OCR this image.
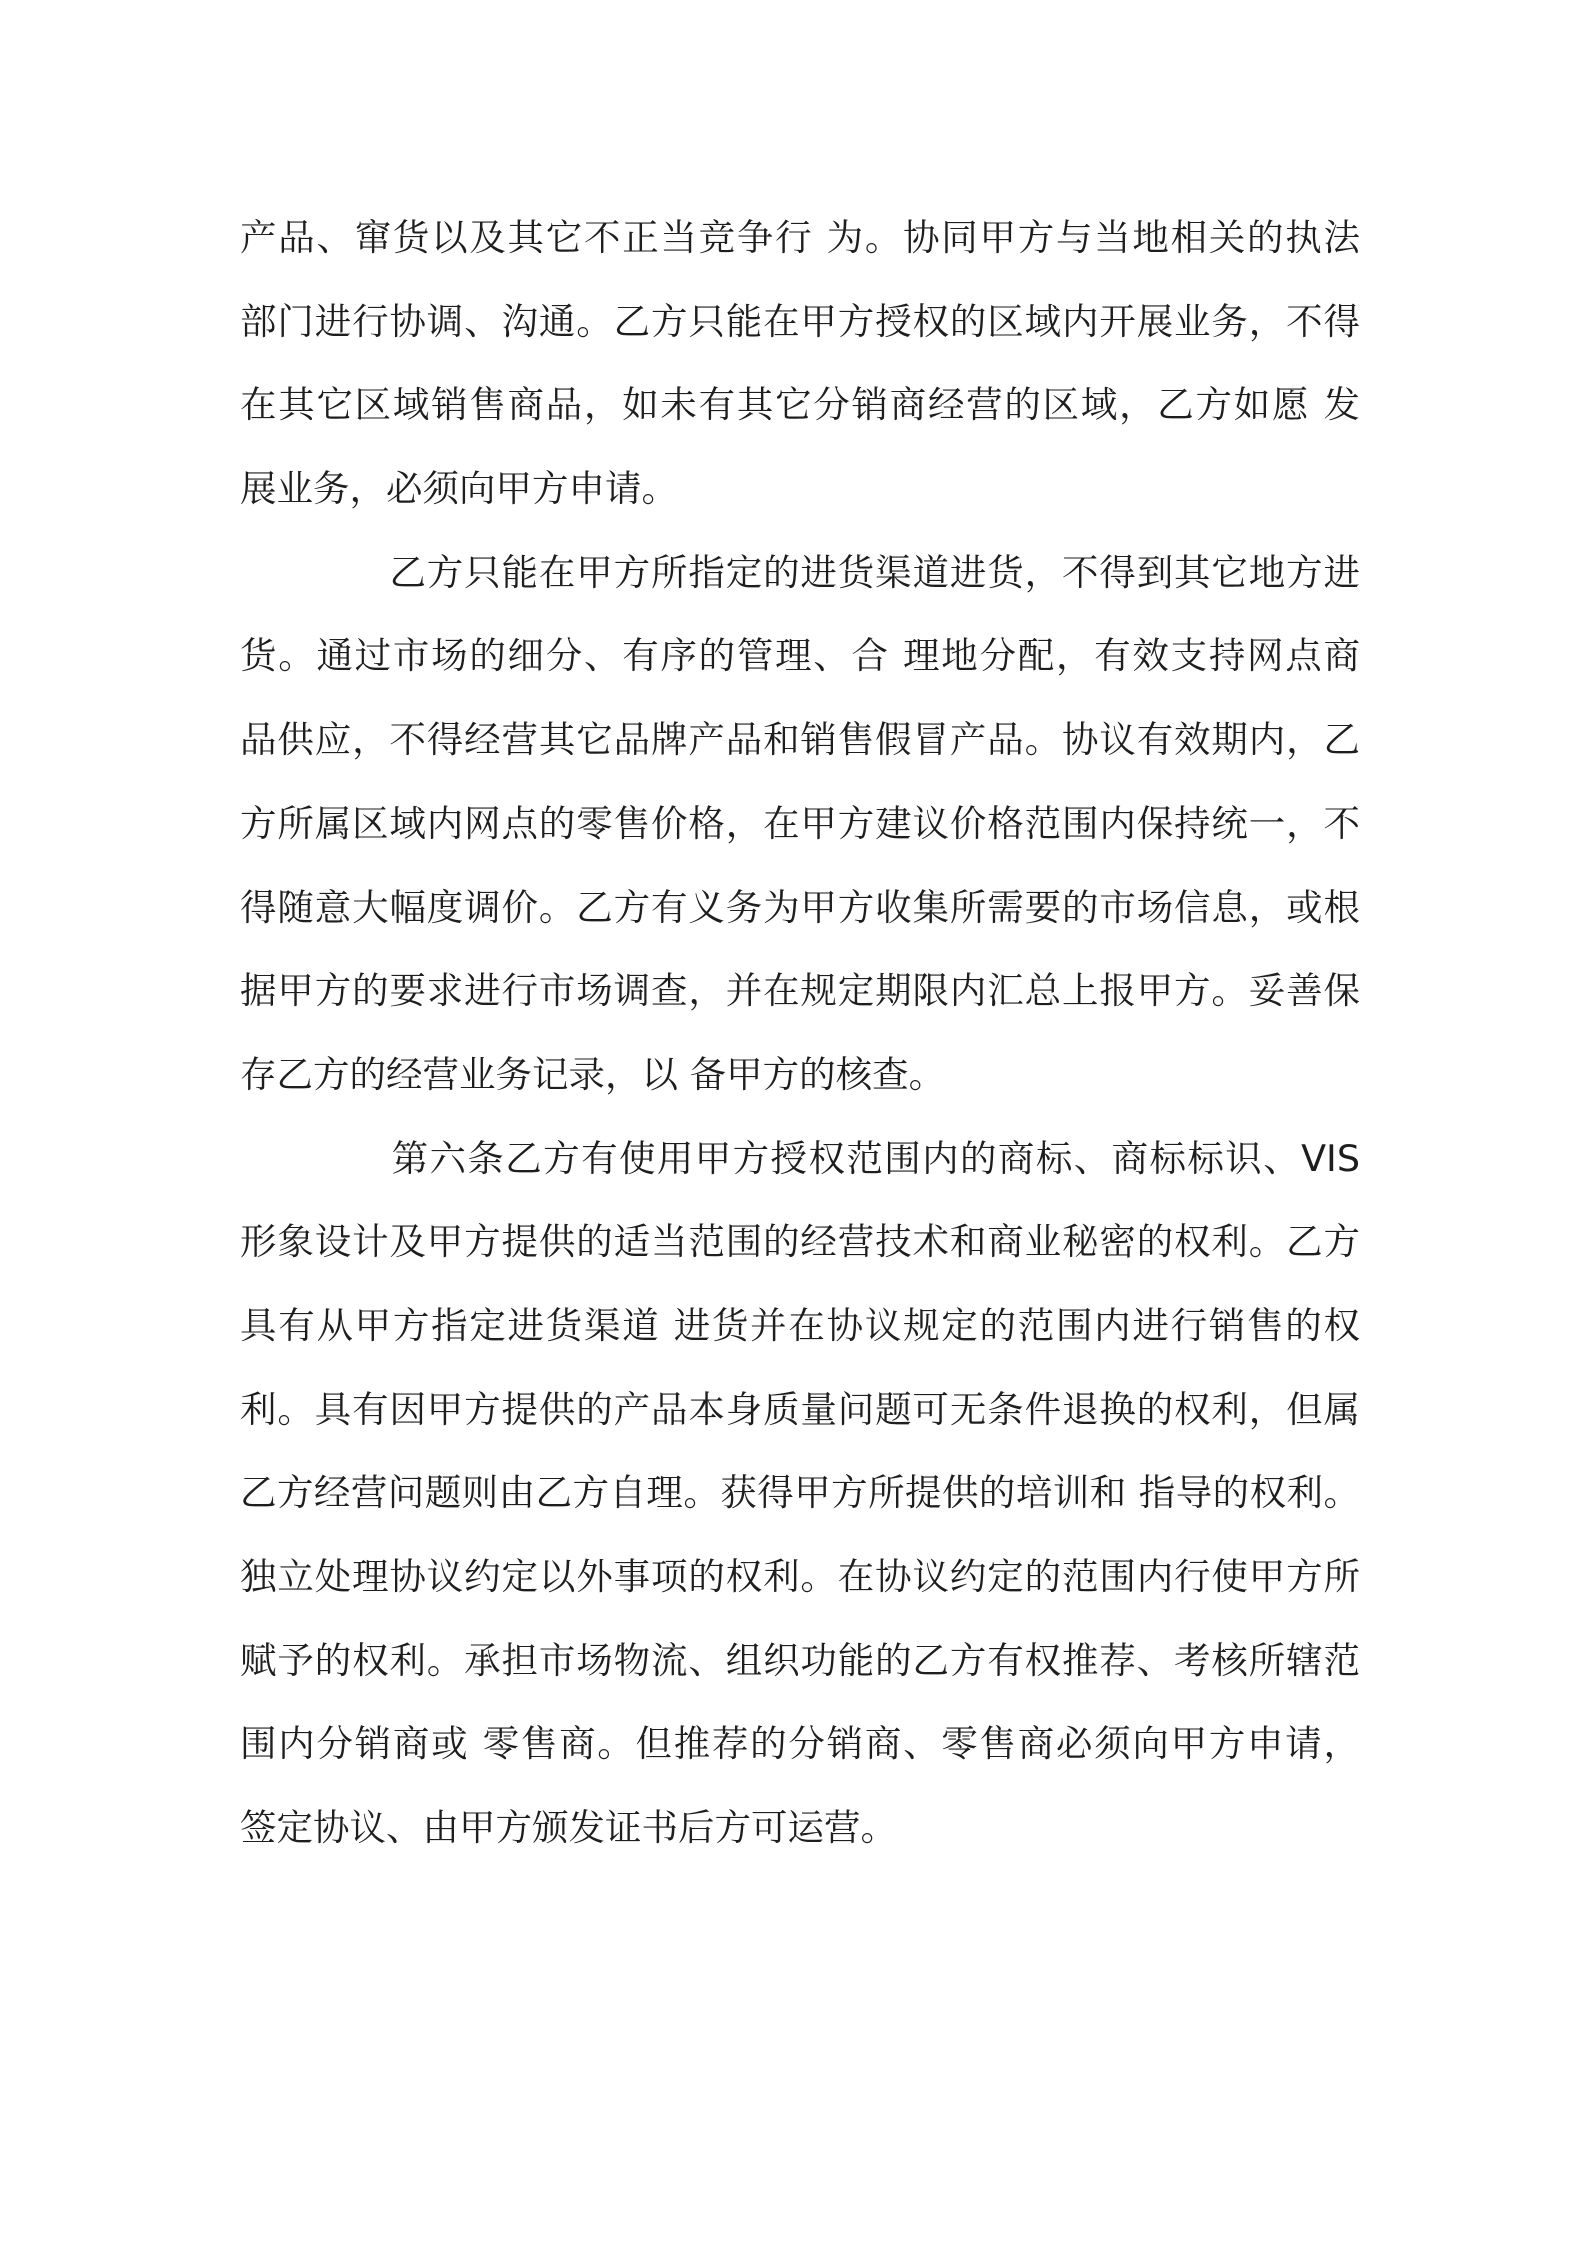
产品、窜货以及其它不正当竞争行 为。协同甲方与当地相关的执法
部门进行协调、沟通。乙方只能在甲方授权的区域内开展业务，不得
在其它区域销售商品，如未有其它分销商经营的区域，乙方如愿 发
展业务，必须向甲方申请。
　　　　乙方只能在甲方所指定的进货渠道进货，不得到其它地方进
货。通过市场的细分、有序的管理、合 理地分配，有效支持网点商
品供应，不得经营其它品牌产品和销售假冒产品。协议有效期内，乙
方所属区域内网点的零售价格，在甲方建议价格范围内保持统一，不
得随意大幅度调价。乙方有义务为甲方收集所需要的市场信息，或根
据甲方的要求进行市场调查，并在规定期限内汇总上报甲方。妥善保
存乙方的经营业务记录，以 备甲方的核查。
　　　　第六条乙方有使用甲方授权范围内的商标、商标标识、VIS
形象设计及甲方提供的适当范围的经营技术和商业秘密的权利。乙方
具有从甲方指定进货渠道 进货并在协议规定的范围内进行销售的权
利。具有因甲方提供的产品本身质量问题可无条件退换的权利，但属
乙方经营问题则由乙方自理。获得甲方所提供的培训和 指导的权利。
独立处理协议约定以外事项的权利。在协议约定的范围内行使甲方所
赋予的权利。承担市场物流、组织功能的乙方有权推荐、考核所辖范
围内分销商或 零售商。但推荐的分销商、零售商必须向甲方申请，
签定协议、由甲方颁发证书后方可运营。
